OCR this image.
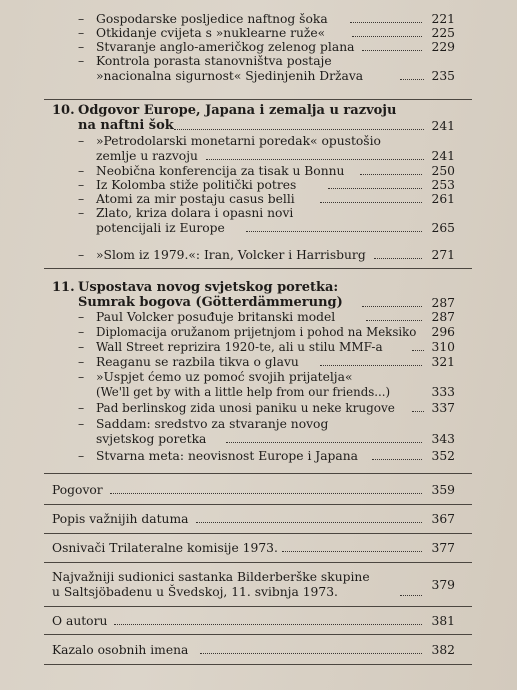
– Gospodarske posljedice naftnog šoka	221
– Otkidanje cvijeta s »nuklearne ruže«	225
– Stvaranje anglo-američkog zelenog plana	229
– Kontrola porasta stanovništva postaje
»nacionalna sigurnost« Sjedinjenih Država	235
10. Odgovor Europe, Japana i zemalja u razvoju
na naftni šok	241
– »Petrodolarski monetarni poredak« opustošio
zemlje u razvoju	241
– Neobična konferencija za tisak u Bonnu	250
– Iz Kolomba stiže politički potres	253
– Atomi za mir postaju casus belli	261
– Zlato, kriza dolara i opasni novi
potencijali iz Europe	265
– »Slom iz 1979.«: Iran, Volcker i Harrisburg	271
11. Uspostava novog svjetskog poretka:
Sumrak bogova (Götterdämmerung)	287
– Paul Volcker posuđuje britanski model	287
– Diplomacija oružanom prijetnjom i pohod na Meksiko 296
– Wall Street reprizira 1920-te, ali u stilu MMF-a	310
– Reaganu se razbila tikva o glavu	321
– »Uspjet ćemo uz pomoć svojih prijatelja«
(We'll get by with a little help from our friends...)	333
– Pad berlinskog zida unosi paniku u neke krugove	337
– Saddam: sredstvo za stvaranje novog
svjetskog poretka	343
– Stvarna meta: neovisnost Europe i Japana	352
Pogovor	359
Popis važnijih datuma	367
Osnivači Trilateralne komisije 1973.	377
Najvažniji sudionici sastanka Bilderberške skupine
u Saltsjöbadenu u Švedskoj, 11. svibnja 1973.	379
O autoru	381
Kazalo osobnih imena	382
